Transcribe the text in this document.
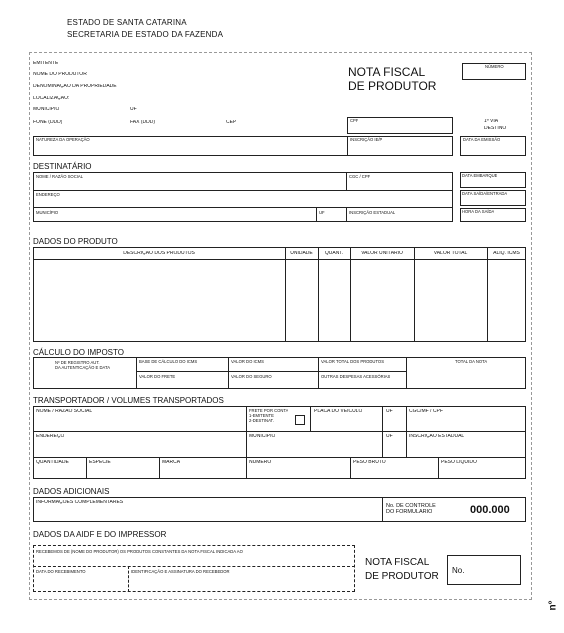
ESTADO DE SANTA CATARINA
SECRETARIA DE ESTADO DA FAZENDA
EMITENTE
NOME DO PRODUTOR
DENOMINAÇÃO DA PROPRIEDADE
LOCALIZAÇÃO:
MUNICÍPIO	UF
FONE (DDD)	FAX (DDD)	CEP
NOTA FISCAL
DE PRODUTOR
NÚMERO
CPF	1ª VIA
DESTINO
NATUREZA DA OPERAÇÃO	INSCRIÇÃO IE/P	DATA DA EMISSÃO
DESTINATÁRIO
NOME / RAZÃO SOCIAL	CGC / CPF
ENDEREÇO
MUNICÍPIO	UF	INSCRIÇÃO ESTADUAL
DATA EMBARQUE
DATA SAÍDA/ENTRADA
HORA DA SAÍDA
DADOS DO PRODUTO
DESCRIÇÃO DOS PRODUTOS	UNIDADE	QUANT.	VALOR UNITÁRIO	VALOR TOTAL	ALÍQ. ICMS
CÁLCULO DO IMPOSTO
Nº DE REGISTRO AUT.
DA AUTENTICAÇÃO E DATA
BASE DE CÁLCULO DO ICMS	VALOR DO ICMS	VALOR TOTAL DOS PRODUTOS	TOTAL DA NOTA
VALOR DO FRETE	VALOR DO SEGURO	OUTRAS DESPESAS ACESSÓRIAS
TRANSPORTADOR / VOLUMES TRANSPORTADOS
NOME / RAZÃO SOCIAL	FRETE POR CONTA
1-EMITENTE
2-DESTINAT.
PLACA DO VEÍCULO	UF	CGC/MF / CPF
ENDEREÇO	MUNICÍPIO	UF	INSCRIÇÃO ESTADUAL
QUANTIDADE	ESPÉCIE	MARCA	NÚMERO	PESO BRUTO	PESO LÍQUIDO
DADOS ADICIONAIS
INFORMAÇÕES COMPLEMENTARES
No. DE CONTROLE
DO FORMULÁRIO	000.000
DADOS DA AIDF E DO IMPRESSOR
RECEBEMOS DE (NOME DO PRODUTOR) OS PRODUTOS CONSTANTES DA NOTA FISCAL INDICADA AO
DATA DO RECEBIMENTO	IDENTIFICAÇÃO E ASSINATURA DO RECEBEDOR
NOTA FISCAL
DE PRODUTOR
No.
n°
